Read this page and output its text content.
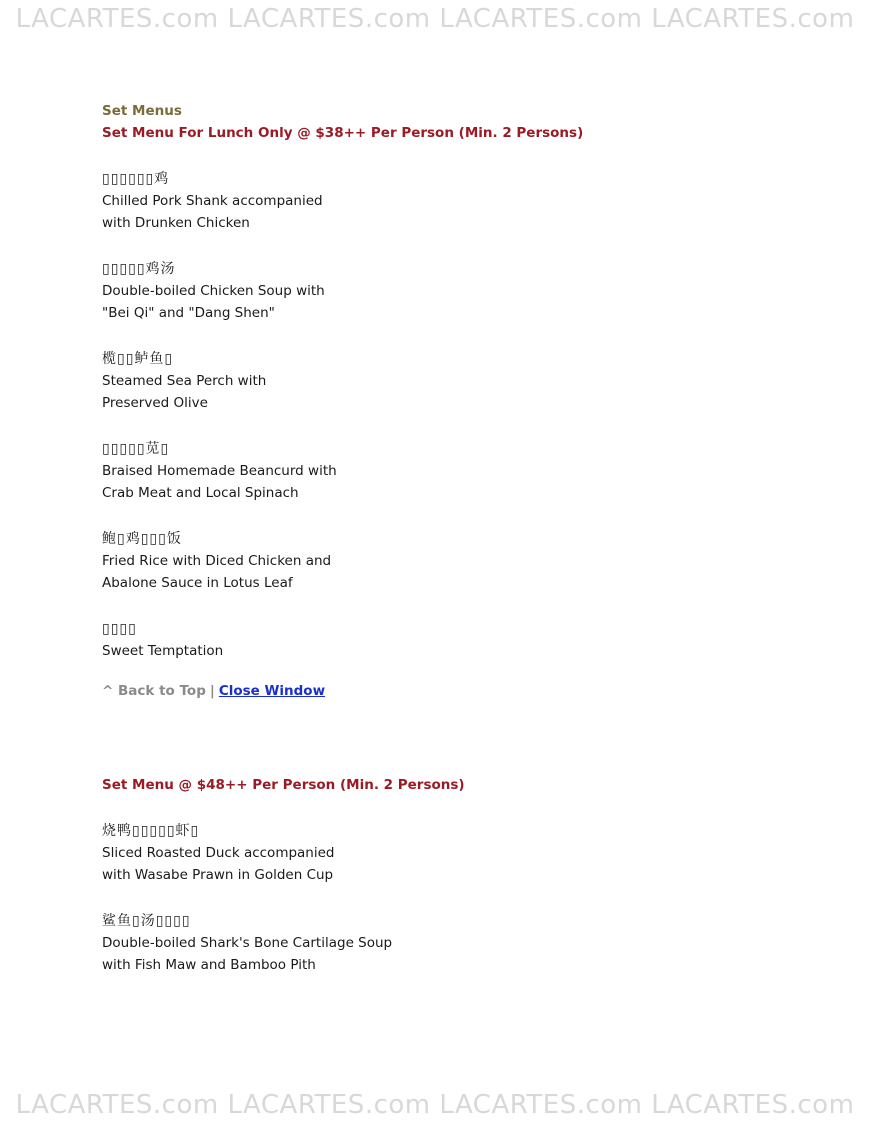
LACARTES.com LACARTES.com LACARTES.com LACARTES.com

Set Menus

Set Menu For Lunch Only @ $38++ Per Person (Min. 2 Persons)

▯▯▯▯▯▯鸡
Chilled Pork Shank accompanied
with Drunken Chicken
▯▯▯▯▯鸡汤
Double-boiled Chicken Soup with
"Bei Qi" and "Dang Shen"
榄▯▯鲈鱼▯
Steamed Sea Perch with
Preserved Olive
▯▯▯▯▯苋▯
Braised Homemade Beancurd with
Crab Meat and Local Spinach
鲍▯鸡▯▯▯饭
Fried Rice with Diced Chicken and
Abalone Sauce in Lotus Leaf
▯▯▯▯
Sweet Temptation
^ Back to Top | Close Window

Set Menu @ $48++ Per Person (Min. 2 Persons)

烧鸭▯▯▯▯▯虾▯
Sliced Roasted Duck accompanied
with Wasabe Prawn in Golden Cup
鲨鱼▯汤▯▯▯▯
Double-boiled Shark's Bone Cartilage Soup
with Fish Maw and Bamboo Pith
LACARTES.com LACARTES.com LACARTES.com LACARTES.com
